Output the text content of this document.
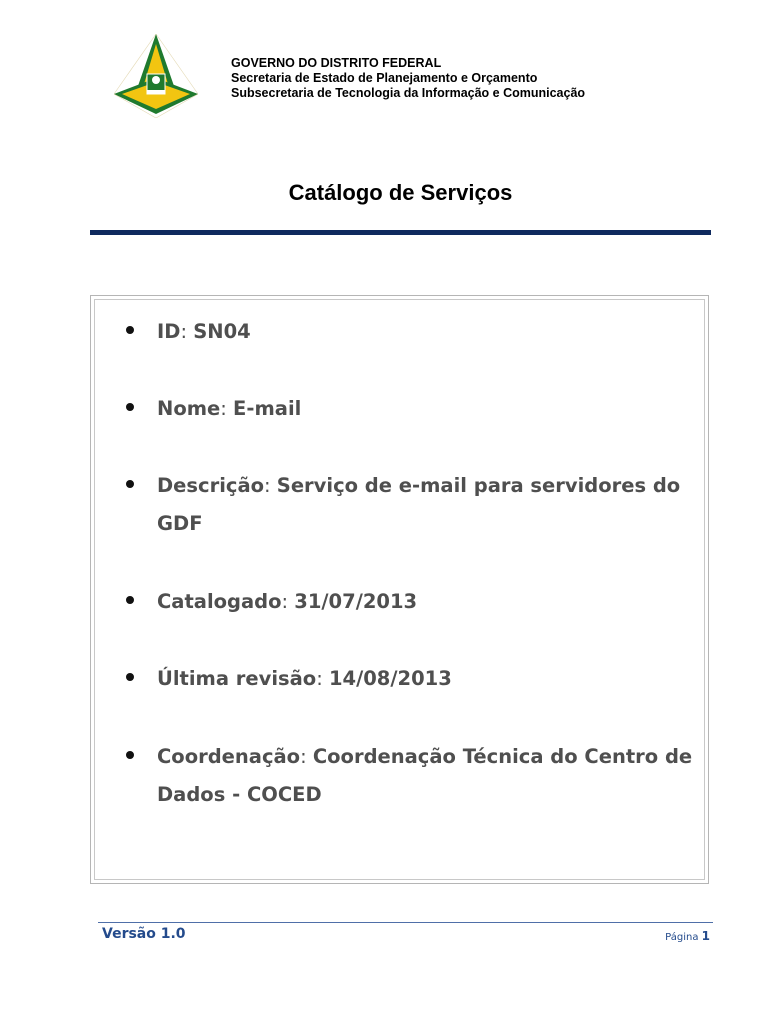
GOVERNO DO DISTRITO FEDERAL
Secretaria de Estado de Planejamento e Orçamento
Subsecretaria de Tecnologia da Informação e Comunicação
Catálogo de Serviços
ID: SN04
Nome: E-mail
Descrição: Serviço de e-mail para servidores do GDF
Catalogado: 31/07/2013
Última revisão: 14/08/2013
Coordenação: Coordenação Técnica do Centro de Dados - COCED
Versão 1.0	Página 1
